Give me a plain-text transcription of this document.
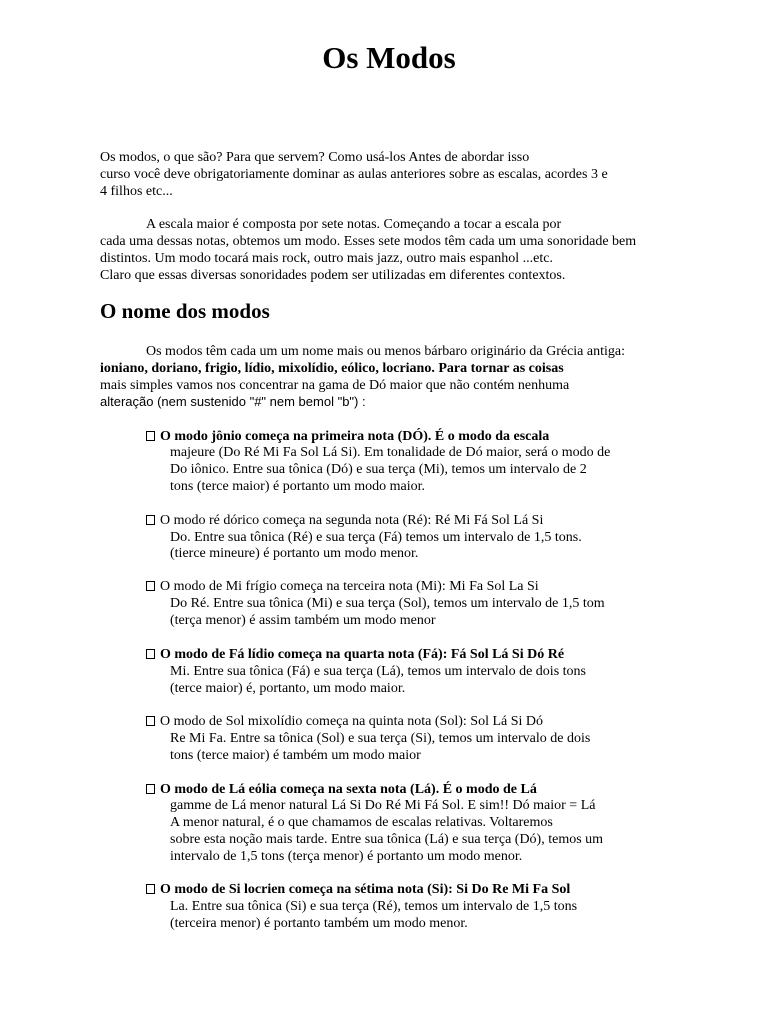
Os Modos

Os modos, o que são? Para que servem? Como usá-los Antes de abordar isso

curso você deve obrigatoriamente dominar as aulas anteriores sobre as escalas, acordes 3 e

4 filhos etc...

A escala maior é composta por sete notas. Começando a tocar a escala por

cada uma dessas notas, obtemos um modo. Esses sete modos têm cada um uma sonoridade bem

distintos. Um modo tocará mais rock, outro mais jazz, outro mais espanhol ...etc.

Claro que essas diversas sonoridades podem ser utilizadas em diferentes contextos.

O nome dos modos

Os modos têm cada um um nome mais ou menos bárbaro originário da Grécia antiga:

ioniano, doriano, frigio, lídio, mixolídio, eólico, locriano. Para tornar as coisas

mais simples vamos nos concentrar na gama de Dó maior que não contém nenhuma

alteração (nem sustenido "#" nem bemol "b") :

O modo jônio começa na primeira nota (DÓ). É o modo da escala

majeure (Do Ré Mi Fa Sol Lá Si). Em tonalidade de Dó maior, será o modo de

Do iônico. Entre sua tônica (Dó) e sua terça (Mi), temos um intervalo de 2

tons (terce maior) é portanto um modo maior.

O modo ré dórico começa na segunda nota (Ré): Ré Mi Fá Sol Lá Si

Do. Entre sua tônica (Ré) e sua terça (Fá) temos um intervalo de 1,5 tons.

(tierce mineure) é portanto um modo menor.

O modo de Mi frígio começa na terceira nota (Mi): Mi Fa Sol La Si

Do Ré. Entre sua tônica (Mi) e sua terça (Sol), temos um intervalo de 1,5 tom

(terça menor) é assim também um modo menor

O modo de Fá lídio começa na quarta nota (Fá): Fá Sol Lá Si Dó Ré

Mi. Entre sua tônica (Fá) e sua terça (Lá), temos um intervalo de dois tons

(terce maior) é, portanto, um modo maior.

O modo de Sol mixolídio começa na quinta nota (Sol): Sol Lá Si Dó

Re Mi Fa. Entre sa tônica (Sol) e sua terça (Si), temos um intervalo de dois

tons (terce maior) é também um modo maior

O modo de Lá eólia começa na sexta nota (Lá). É o modo de Lá

gamme de Lá menor natural Lá Si Do Ré Mi Fá Sol. E sim!! Dó maior = Lá

A menor natural, é o que chamamos de escalas relativas. Voltaremos

sobre esta noção mais tarde. Entre sua tônica (Lá) e sua terça (Dó), temos um

intervalo de 1,5 tons (terça menor) é portanto um modo menor.

O modo de Si locrien começa na sétima nota (Si): Si Do Re Mi Fa Sol

La. Entre sua tônica (Si) e sua terça (Ré), temos um intervalo de 1,5 tons

(terceira menor) é portanto também um modo menor.
